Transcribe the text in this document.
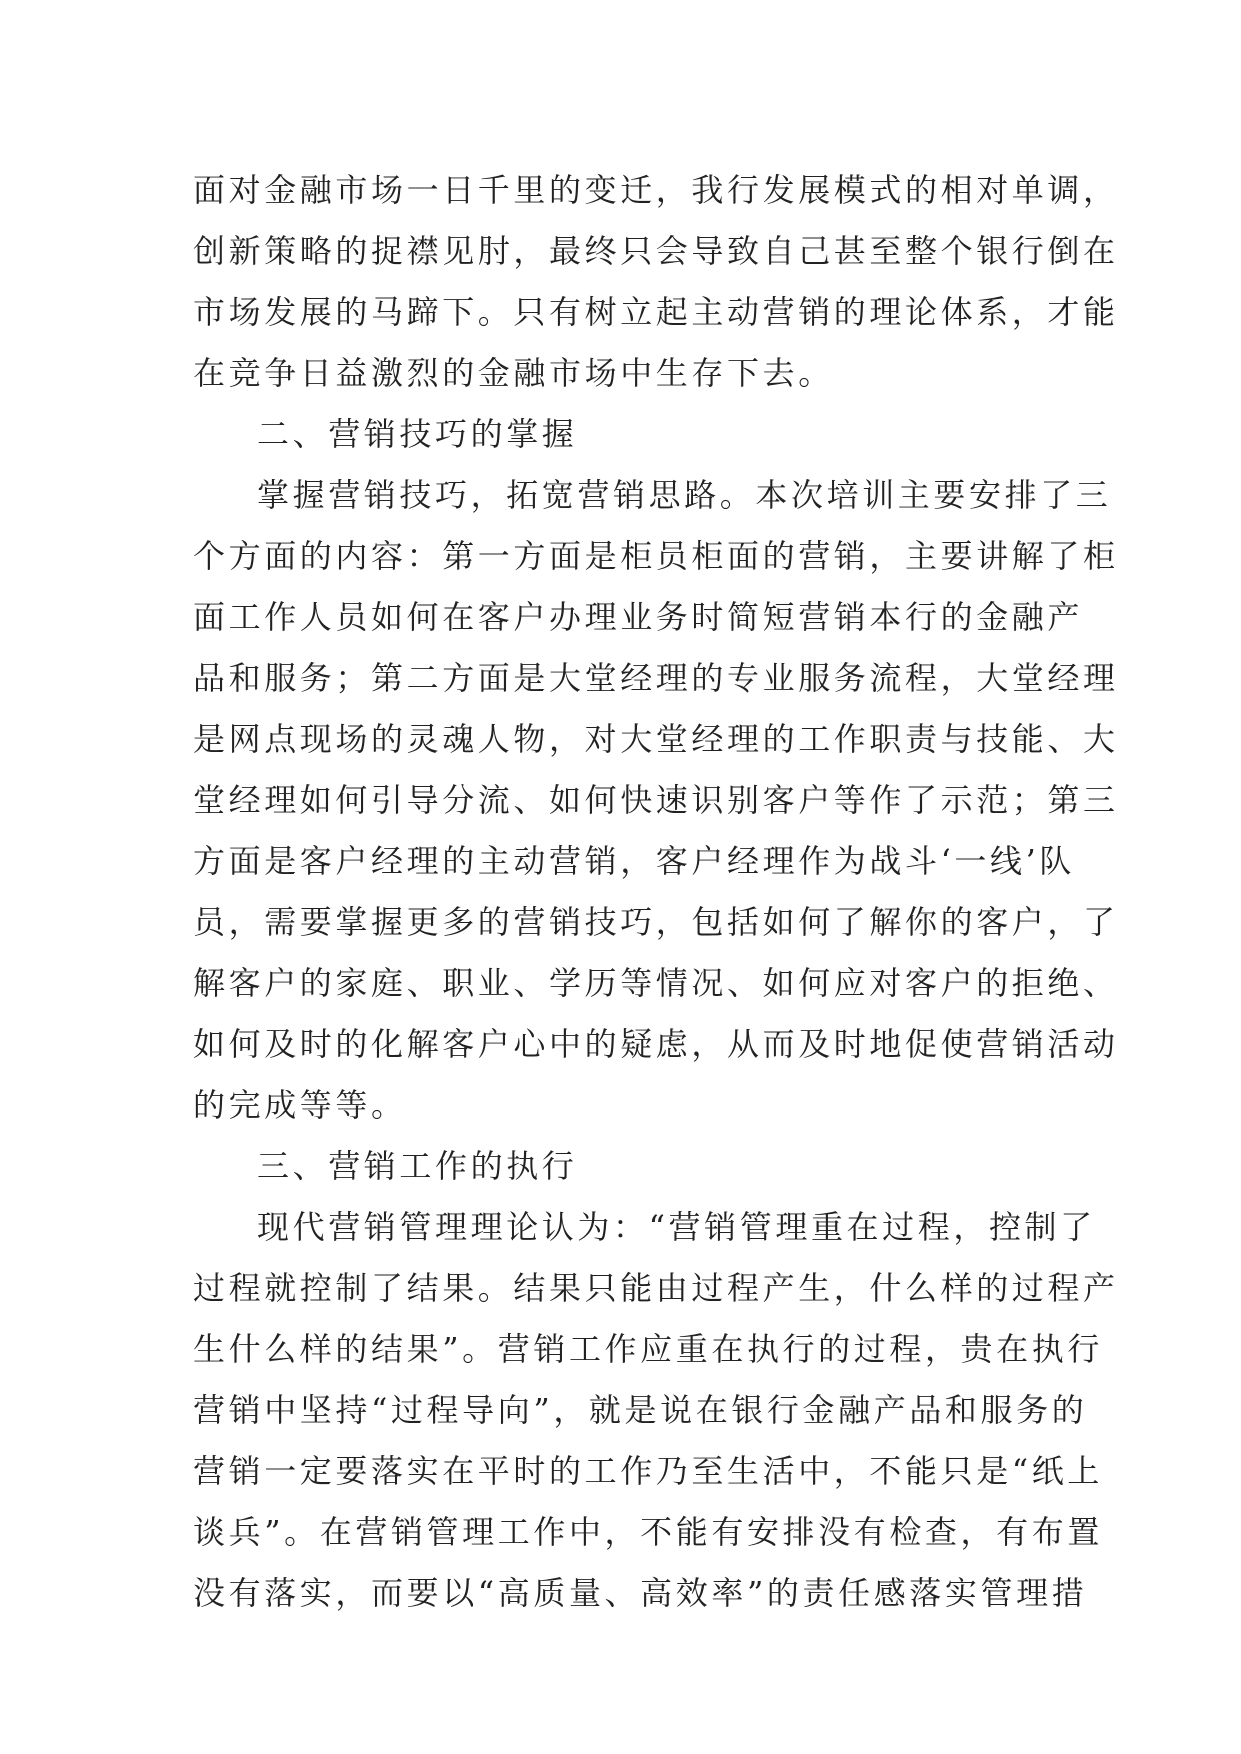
面对金融市场一日千里的变迁，我行发展模式的相对单调，
创新策略的捉襟见肘，最终只会导致自己甚至整个银行倒在
市场发展的马蹄下。只有树立起主动营销的理论体系，才能
在竞争日益激烈的金融市场中生存下去。
二、营销技巧的掌握
掌握营销技巧，拓宽营销思路。本次培训主要安排了三
个方面的内容：第一方面是柜员柜面的营销，主要讲解了柜
面工作人员如何在客户办理业务时简短营销本行的金融产
品和服务；第二方面是大堂经理的专业服务流程，大堂经理
是网点现场的灵魂人物，对大堂经理的工作职责与技能、大
堂经理如何引导分流、如何快速识别客户等作了示范；第三
方面是客户经理的主动营销，客户经理作为战斗‘一线’队
员，需要掌握更多的营销技巧，包括如何了解你的客户，了
解客户的家庭、职业、学历等情况、如何应对客户的拒绝、
如何及时的化解客户心中的疑虑，从而及时地促使营销活动
的完成等等。
三、营销工作的执行
现代营销管理理论认为：“营销管理重在过程，控制了
过程就控制了结果。结果只能由过程产生，什么样的过程产
生什么样的结果”。营销工作应重在执行的过程，贵在执行
营销中坚持“过程导向”，就是说在银行金融产品和服务的
营销一定要落实在平时的工作乃至生活中，不能只是“纸上
谈兵”。在营销管理工作中，不能有安排没有检查，有布置
没有落实，而要以“高质量、高效率”的责任感落实管理措
